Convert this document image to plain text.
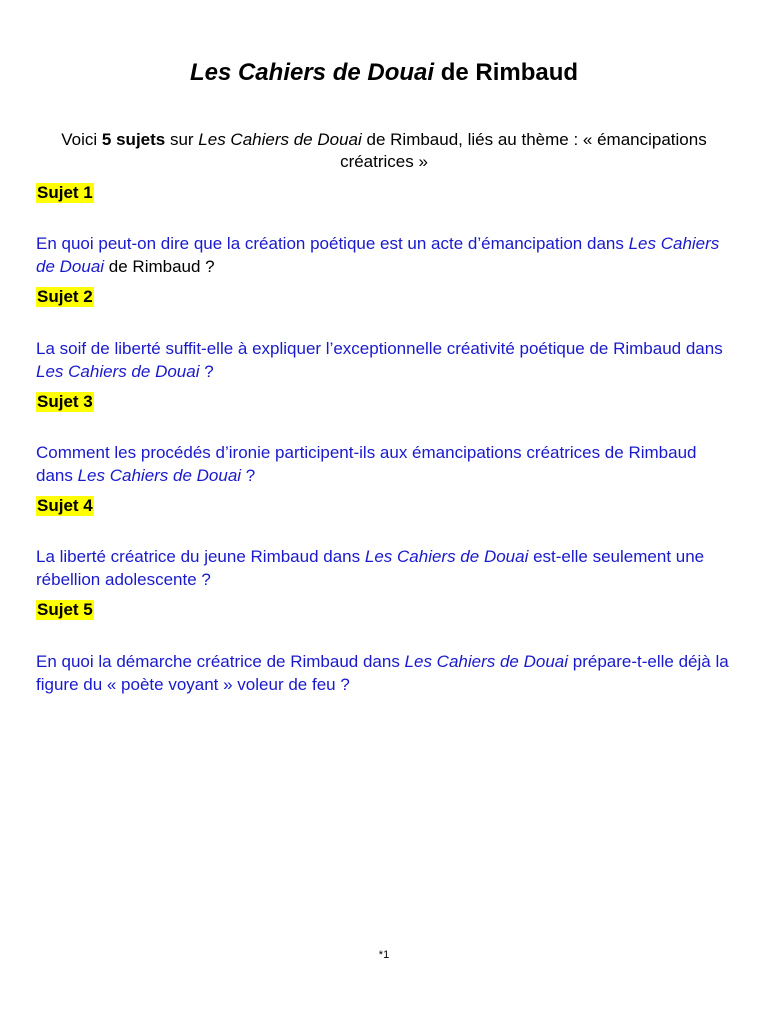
Les Cahiers de Douai de Rimbaud
Voici 5 sujets sur Les Cahiers de Douai de Rimbaud, liés au thème : « émancipations créatrices »
Sujet 1
En quoi peut-on dire que la création poétique est un acte d’émancipation dans Les Cahiers de Douai de Rimbaud ?
Sujet 2
La soif de liberté suffit-elle à expliquer l’exceptionnelle créativité poétique de Rimbaud dans Les Cahiers de Douai ?
Sujet 3
Comment les procédés d’ironie participent-ils aux émancipations créatrices de Rimbaud dans Les Cahiers de Douai ?
Sujet 4
La liberté créatrice du jeune Rimbaud dans Les Cahiers de Douai est-elle seulement une rébellion adolescente ?
Sujet 5
En quoi la démarche créatrice de Rimbaud dans Les Cahiers de Douai prépare-t-elle déjà la figure du « poète voyant » voleur de feu ?
*1
